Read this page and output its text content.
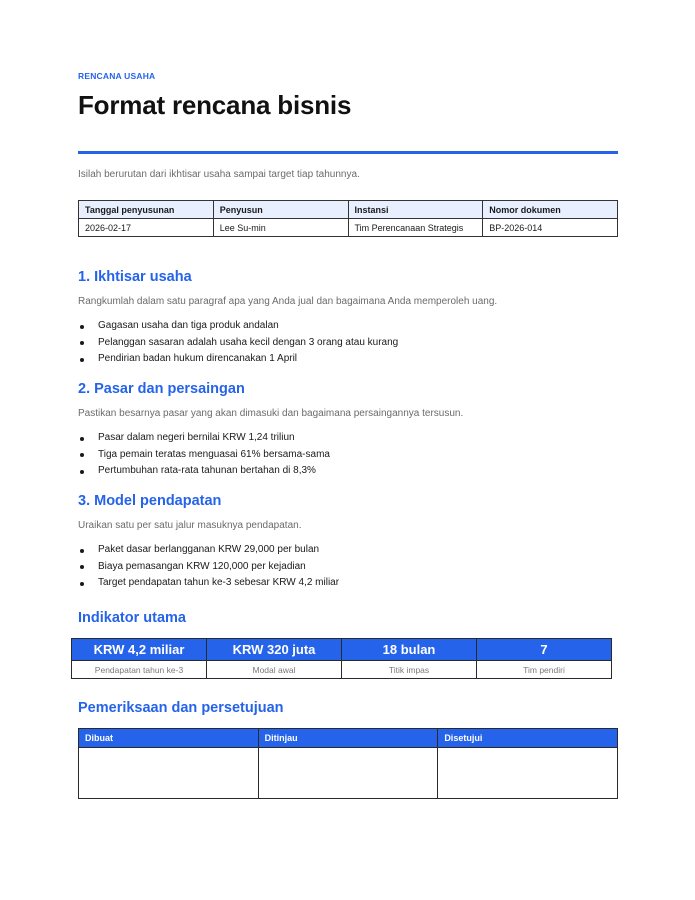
RENCANA USAHA
Format rencana bisnis

Isilah berurutan dari ikhtisar usaha sampai target tiap tahunnya.

Tanggal penyusunan	Penyusun	Instansi	Nomor dokumen
2026-02-17	Lee Su-min	Tim Perencanaan Strategis	BP-2026-014
1. Ikhtisar usaha

Rangkumlah dalam satu paragraf apa yang Anda jual dan bagaimana Anda memperoleh uang.

Gagasan usaha dan tiga produk andalan
Pelanggan sasaran adalah usaha kecil dengan 3 orang atau kurang
Pendirian badan hukum direncanakan 1 April
2. Pasar dan persaingan

Pastikan besarnya pasar yang akan dimasuki dan bagaimana persaingannya tersusun.

Pasar dalam negeri bernilai KRW 1,24 triliun
Tiga pemain teratas menguasai 61% bersama-sama
Pertumbuhan rata-rata tahunan bertahan di 8,3%
3. Model pendapatan

Uraikan satu per satu jalur masuknya pendapatan.

Paket dasar berlangganan KRW 29,000 per bulan
Biaya pemasangan KRW 120,000 per kejadian
Target pendapatan tahun ke-3 sebesar KRW 4,2 miliar
Indikator utama
KRW 4,2 miliar	KRW 320 juta	18 bulan	7
Pendapatan tahun ke-3	Modal awal	Titik impas	Tim pendiri
Pemeriksaan dan persetujuan
Dibuat	Ditinjau	Disetujui
